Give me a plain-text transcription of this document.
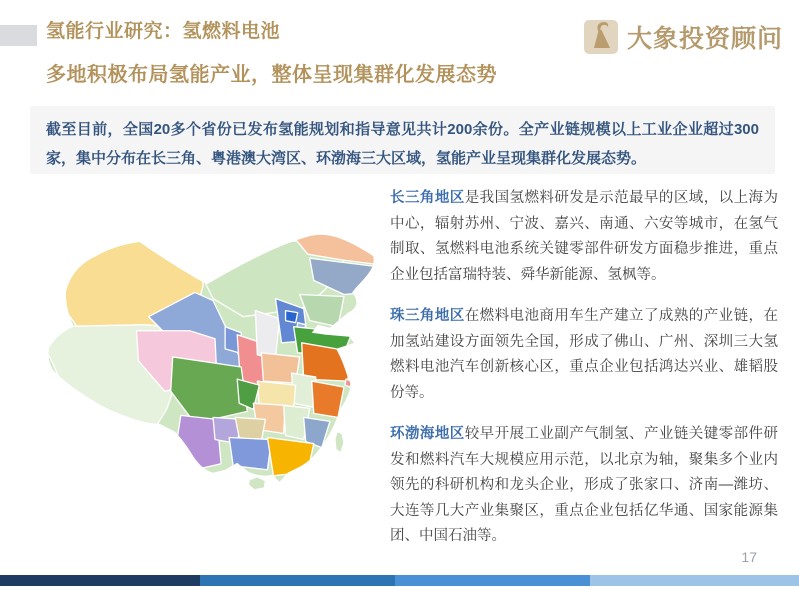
氢能行业研究：氢燃料电池

多地积极布局氢能产业，整体呈现集群化发展态势

大象投资顾问

截至目前，全国20多个省份已发布氢能规划和指导意见共计200余份。全产业链规模以上工业企业超过300家，集中分布在长三角、粤港澳大湾区、环渤海三大区域，氢能产业呈现集群化发展态势。

长三角地区是我国氢燃料研发是示范最早的区域，以上海为中心，辐射苏州、宁波、嘉兴、南通、六安等城市，在氢气制取、氢燃料电池系统关键零部件研发方面稳步推进，重点企业包括富瑞特装、舜华新能源、氢枫等。

珠三角地区在燃料电池商用车生产建立了成熟的产业链，在加氢站建设方面领先全国，形成了佛山、广州、深圳三大氢燃料电池汽车创新核心区，重点企业包括鸿达兴业、雄韬股份等。

环渤海地区较早开展工业副产气制氢、产业链关键零部件研发和燃料汽车大规模应用示范，以北京为轴，聚集多个业内领先的科研机构和龙头企业，形成了张家口、济南—潍坊、大连等几大产业集聚区，重点企业包括亿华通、国家能源集团、中国石油等。

17
